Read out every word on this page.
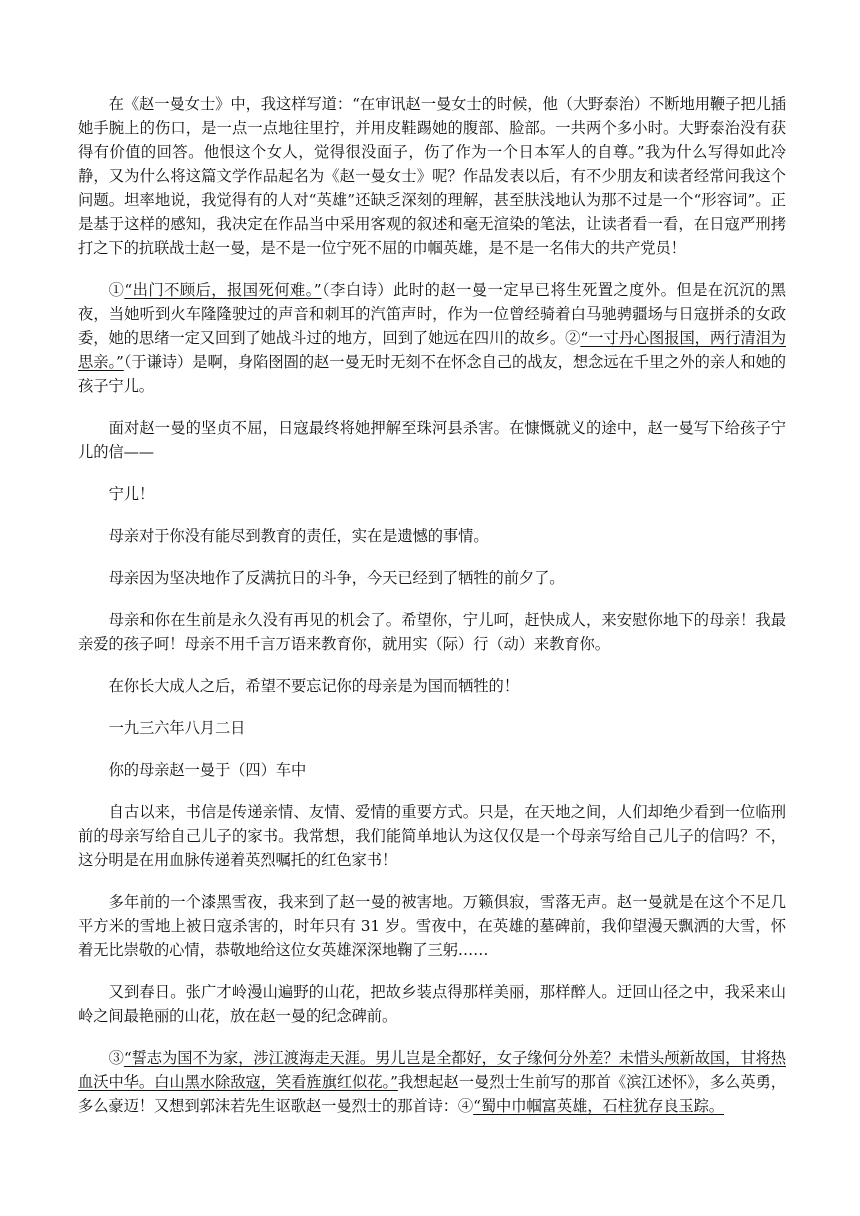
在《赵一曼女士》中，我这样写道：“在审讯赵一曼女士的时候，他（大野泰治）不断地用鞭子把儿插她手腕上的伤口，是一点一点地往里拧，并用皮鞋踢她的腹部、脸部。一共两个多小时。大野泰治没有获得有价值的回答。他恨这个女人，觉得很没面子，伤了作为一个日本军人的自尊。”我为什么写得如此冷静，又为什么将这篇文学作品起名为《赵一曼女士》呢？作品发表以后，有不少朋友和读者经常问我这个问题。坦率地说，我觉得有的人对“英雄”还缺乏深刻的理解，甚至肤浅地认为那不过是一个“形容词”。正是基于这样的感知，我决定在作品当中采用客观的叙述和毫无渲染的笔法，让读者看一看，在日寇严刑拷打之下的抗联战士赵一曼，是不是一位宁死不屈的巾帼英雄，是不是一名伟大的共产党员！

①“出门不顾后，报国死何难。”（李白诗）此时的赵一曼一定早已将生死置之度外。但是在沉沉的黑夜，当她听到火车隆隆驶过的声音和刺耳的汽笛声时，作为一位曾经骑着白马驰骋疆场与日寇拼杀的女政委，她的思绪一定又回到了她战斗过的地方，回到了她远在四川的故乡。②“一寸丹心图报国，两行清泪为思亲。”（于谦诗）是啊，身陷囹圄的赵一曼无时无刻不在怀念自己的战友，想念远在千里之外的亲人和她的孩子宁儿。

面对赵一曼的坚贞不屈，日寇最终将她押解至珠河县杀害。在慷慨就义的途中，赵一曼写下给孩子宁儿的信——

宁儿！

母亲对于你没有能尽到教育的责任，实在是遗憾的事情。

母亲因为坚决地作了反满抗日的斗争，今天已经到了牺牲的前夕了。

母亲和你在生前是永久没有再见的机会了。希望你，宁儿呵，赶快成人，来安慰你地下的母亲！我最亲爱的孩子呵！母亲不用千言万语来教育你，就用实（际）行（动）来教育你。

在你长大成人之后，希望不要忘记你的母亲是为国而牺牲的！

一九三六年八月二日

你的母亲赵一曼于（四）车中

自古以来，书信是传递亲情、友情、爱情的重要方式。只是，在天地之间，人们却绝少看到一位临刑前的母亲写给自己儿子的家书。我常想，我们能简单地认为这仅仅是一个母亲写给自己儿子的信吗？不，这分明是在用血脉传递着英烈嘱托的红色家书！

多年前的一个漆黑雪夜，我来到了赵一曼的被害地。万籁俱寂，雪落无声。赵一曼就是在这个不足几平方米的雪地上被日寇杀害的，时年只有 31 岁。雪夜中，在英雄的墓碑前，我仰望漫天飘洒的大雪，怀着无比崇敬的心情，恭敬地给这位女英雄深深地鞠了三躬……

又到春日。张广才岭漫山遍野的山花，把故乡装点得那样美丽，那样醉人。迂回山径之中，我采来山岭之间最艳丽的山花，放在赵一曼的纪念碑前。

③“誓志为国不为家，涉江渡海走天涯。男儿岂是全都好，女子缘何分外差？未惜头颅新故国，甘将热血沃中华。白山黑水除敌寇，笑看旌旗红似花。”我想起赵一曼烈士生前写的那首《滨江述怀》，多么英勇，多么豪迈！又想到郭沫若先生讴歌赵一曼烈士的那首诗：④“蜀中巾帼富英雄，石柱犹存良玉踪。
